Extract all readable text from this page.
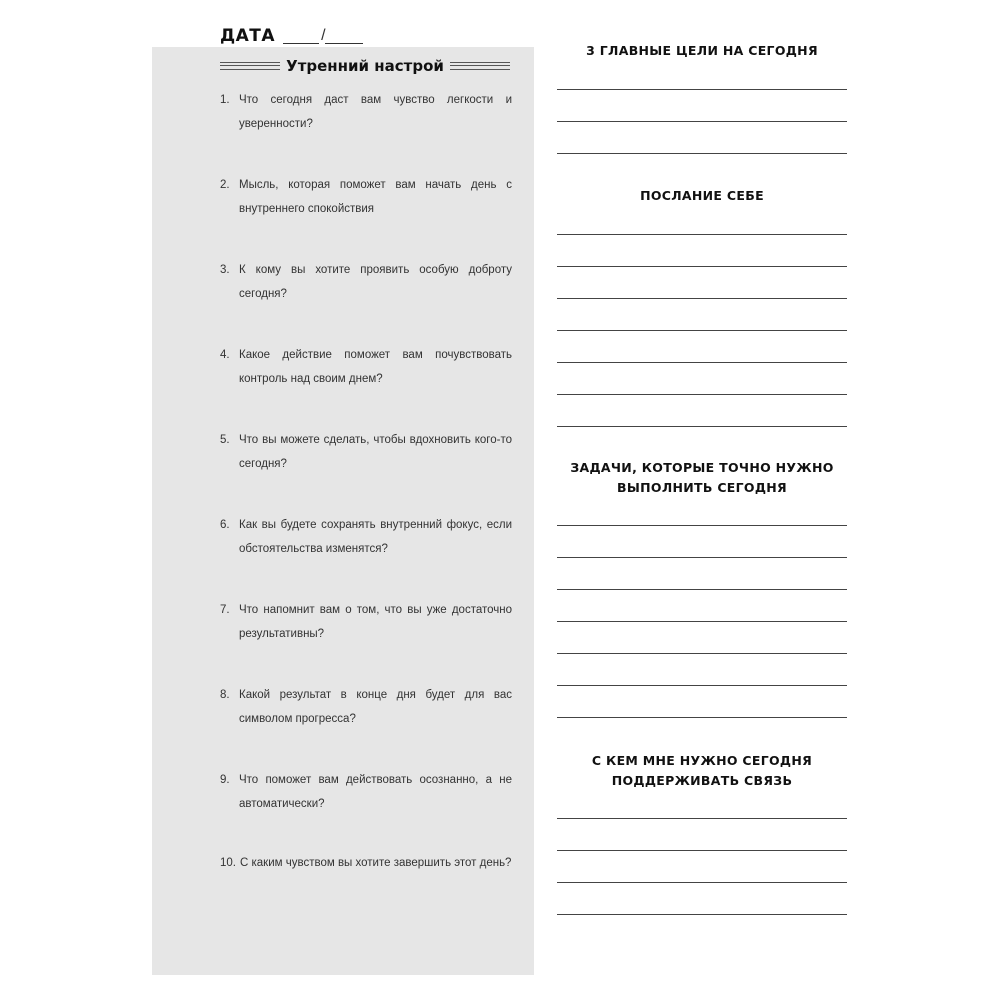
ДАТА	/
Утренний настрой
1. Что сегодня даст вам чувство легкости и уверенности?
2. Мысль, которая поможет вам начать день с внутреннего спокойствия
3. К кому вы хотите проявить особую доброту сегодня?
4. Какое действие поможет вам почувствовать контроль над своим днем?
5. Что вы можете сделать, чтобы вдохновить кого-то сегодня?
6. Как вы будете сохранять внутренний фокус, если обстоятельства изменятся?
7. Что напомнит вам о том, что вы уже достаточно результативны?
8. Какой результат в конце дня будет для вас символом прогресса?
9. Что поможет вам действовать осознанно, а не автоматически?
10. С каким чувством вы хотите завершить этот день?
3 ГЛАВНЫЕ ЦЕЛИ НА СЕГОДНЯ
ПОСЛАНИЕ СЕБЕ
ЗАДАЧИ, КОТОРЫЕ ТОЧНО НУЖНО
ВЫПОЛНИТЬ СЕГОДНЯ
С КЕМ МНЕ НУЖНО СЕГОДНЯ
ПОДДЕРЖИВАТЬ СВЯЗЬ
